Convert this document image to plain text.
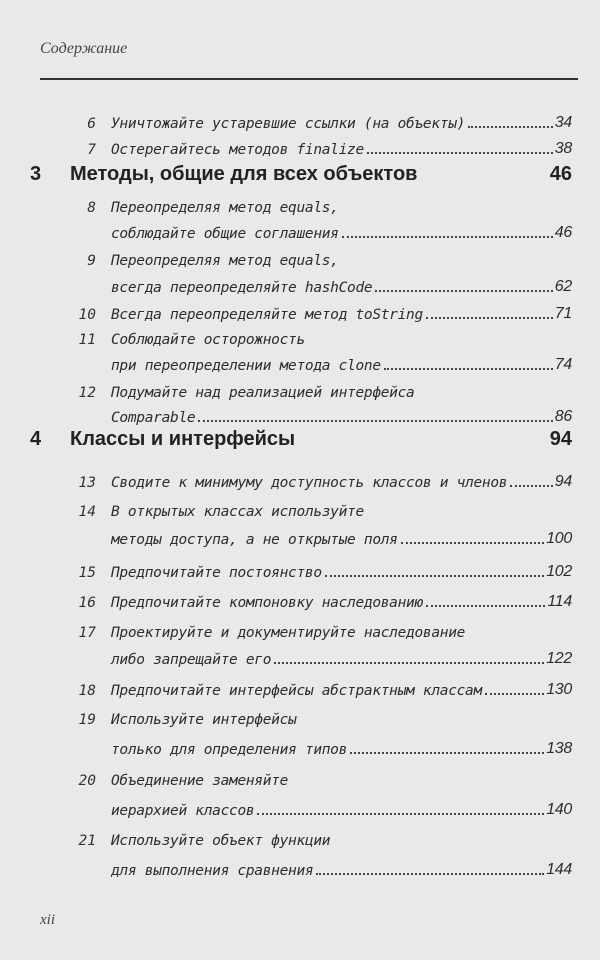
Содержание
6 Уничтожайте устаревшие ссылки (на объекты)	34
7 Остерегайтесь методов finalize	38
3	Методы, общие для всех объектов	46
8 Переопределяя метод equals,
соблюдайте общие соглашения	46
9 Переопределяя метод equals,
всегда переопределяйте hashCode	62
10 Всегда переопределяйте метод toString	71
11 Соблюдайте осторожность
при переопределении метода clone	74
12 Подумайте над реализацией интерфейса
Comparable	86
4	Классы и интерфейсы	94
13 Сводите к минимуму доступность классов и членов	94
14 В открытых классах используйте
методы доступа, а не открытые поля	100
15 Предпочитайте постоянство	102
16 Предпочитайте компоновку наследованию	114
17 Проектируйте и документируйте наследование
либо запрещайте его	122
18 Предпочитайте интерфейсы абстрактным классам	130
19 Используйте интерфейсы
только для определения типов	138
20 Объединение заменяйте
иерархией классов	140
21 Используйте объект функции
для выполнения сравнения	144
xii
